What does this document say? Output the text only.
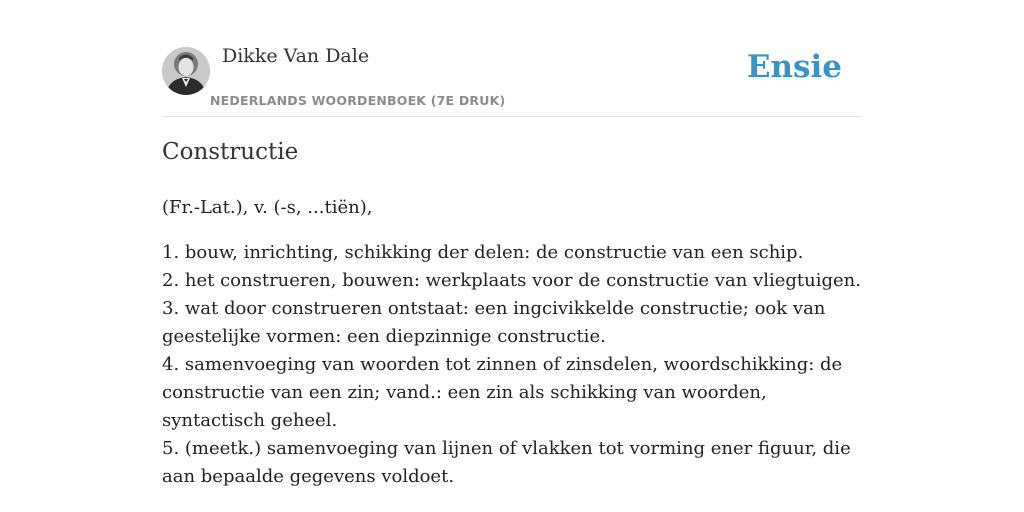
Dikke Van Dale
NEDERLANDS WOORDENBOEK (7E DRUK)
Ensie
Constructie

(Fr.-Lat.), v. (-s, ...tiën),

1. bouw, inrichting, schikking der delen: de constructie van een schip.
2. het construeren, bouwen: werkplaats voor de constructie van vliegtuigen.
3. wat door construeren ontstaat: een ingcivikkelde constructie; ook van geestelijke vormen: een diepzinnige constructie.
4. samenvoeging van woorden tot zinnen of zinsdelen, woordschikking: de constructie van een zin; vand.: een zin als schikking van woorden, syntactisch geheel.
5. (meetk.) samenvoeging van lijnen of vlakken tot vorming ener figuur, die aan bepaalde gegevens voldoet.
